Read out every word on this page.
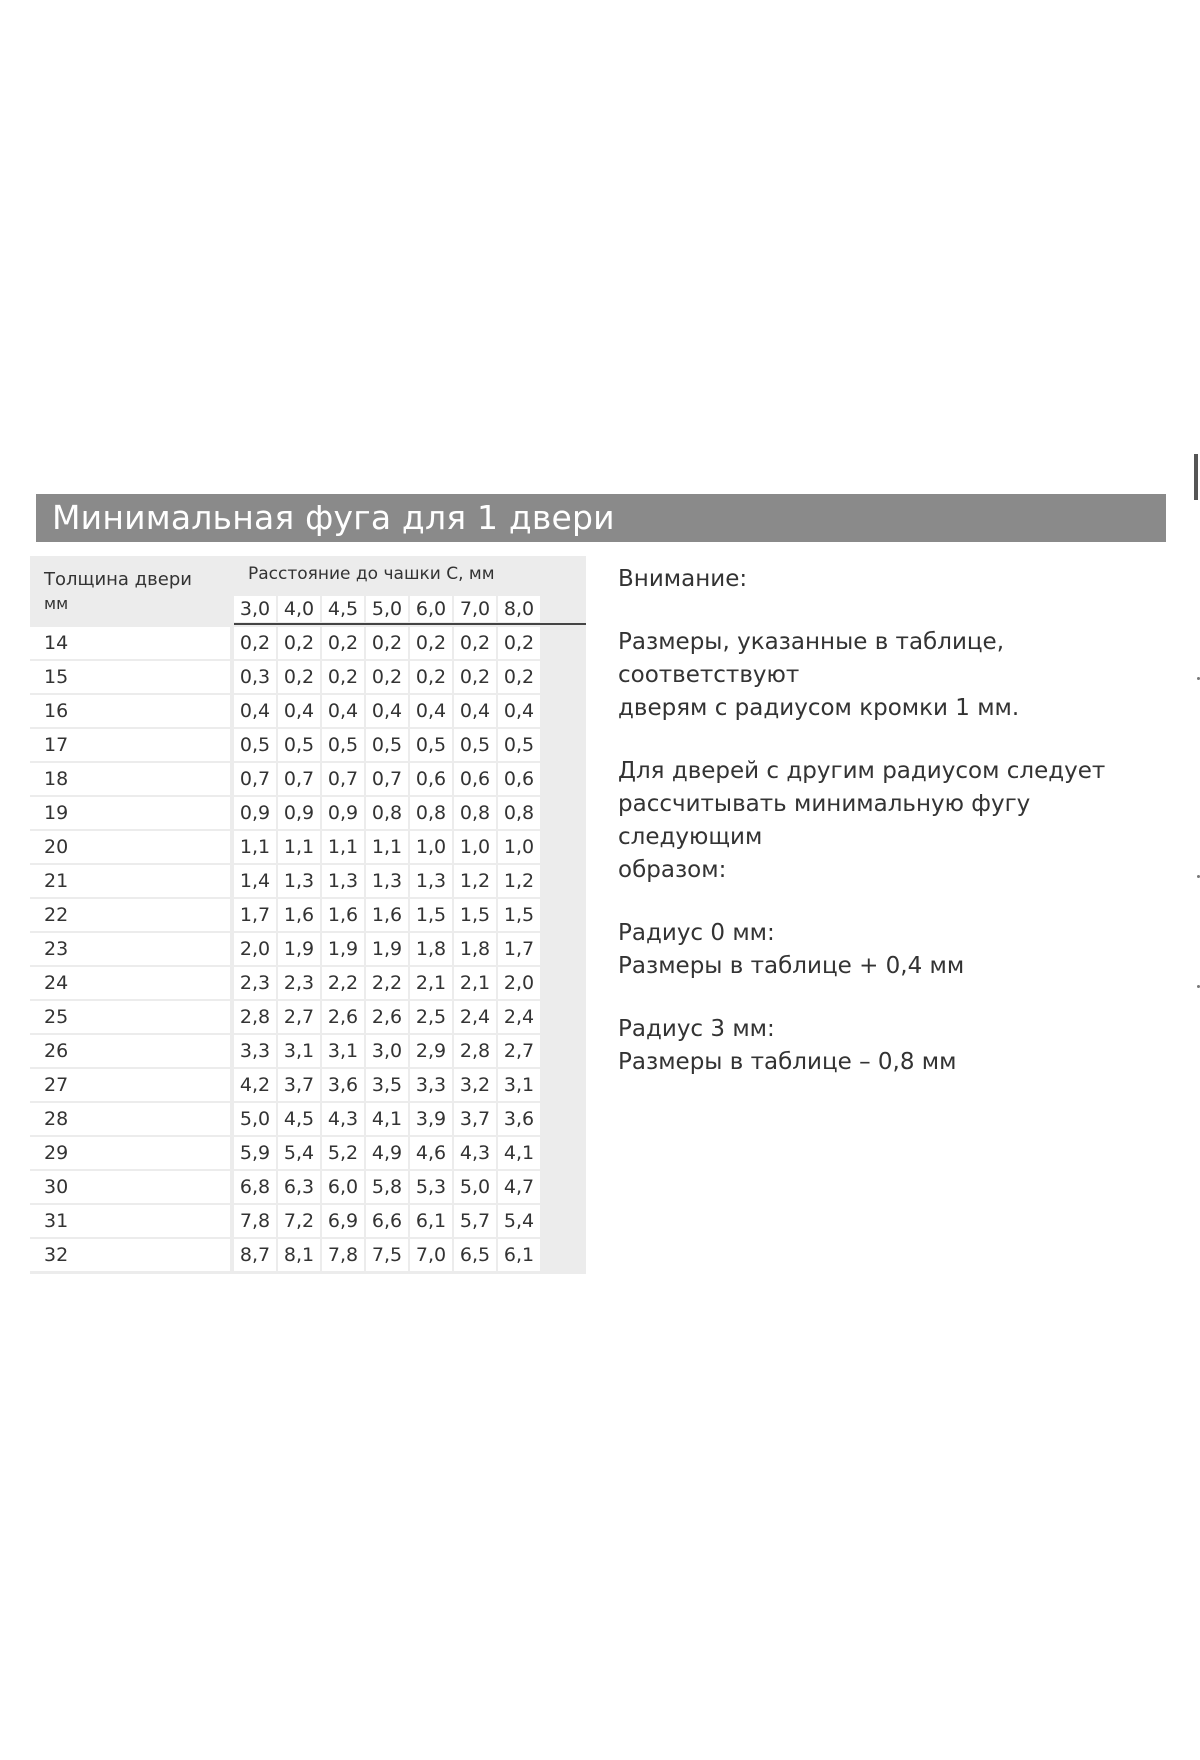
Минимальная фуга для 1 двери
Толщина двери
мм
Расстояние до чашки С, мм
3,0 4,0 4,5 5,0 6,0 7,0 8,0
14	0,2 0,2 0,2 0,2 0,2 0,2 0,2
15	0,3 0,2 0,2 0,2 0,2 0,2 0,2
16	0,4 0,4 0,4 0,4 0,4 0,4 0,4
17	0,5 0,5 0,5 0,5 0,5 0,5 0,5
18	0,7 0,7 0,7 0,7 0,6 0,6 0,6
19	0,9 0,9 0,9 0,8 0,8 0,8 0,8
20	1,1 1,1 1,1 1,1 1,0 1,0 1,0
21	1,4 1,3 1,3 1,3 1,3 1,2 1,2
22	1,7 1,6 1,6 1,6 1,5 1,5 1,5
23	2,0 1,9 1,9 1,9 1,8 1,8 1,7
24	2,3 2,3 2,2 2,2 2,1 2,1 2,0
25	2,8 2,7 2,6 2,6 2,5 2,4 2,4
26	3,3 3,1 3,1 3,0 2,9 2,8 2,7
27	4,2 3,7 3,6 3,5 3,3 3,2 3,1
28	5,0 4,5 4,3 4,1 3,9 3,7 3,6
29	5,9 5,4 5,2 4,9 4,6 4,3 4,1
30	6,8 6,3 6,0 5,8 5,3 5,0 4,7
31	7,8 7,2 6,9 6,6 6,1 5,7 5,4
32	8,7 8,1 7,8 7,5 7,0 6,5 6,1

Внимание:

Размеры, указанные в таблице, соответствуют

дверям с радиусом кромки 1 мм.

Для дверей с другим радиусом следует

рассчитывать минимальную фугу следующим

образом:

Радиус 0 мм:

Размеры в таблице + 0,4 мм

Радиус 3 мм:

Размеры в таблице – 0,8 мм
